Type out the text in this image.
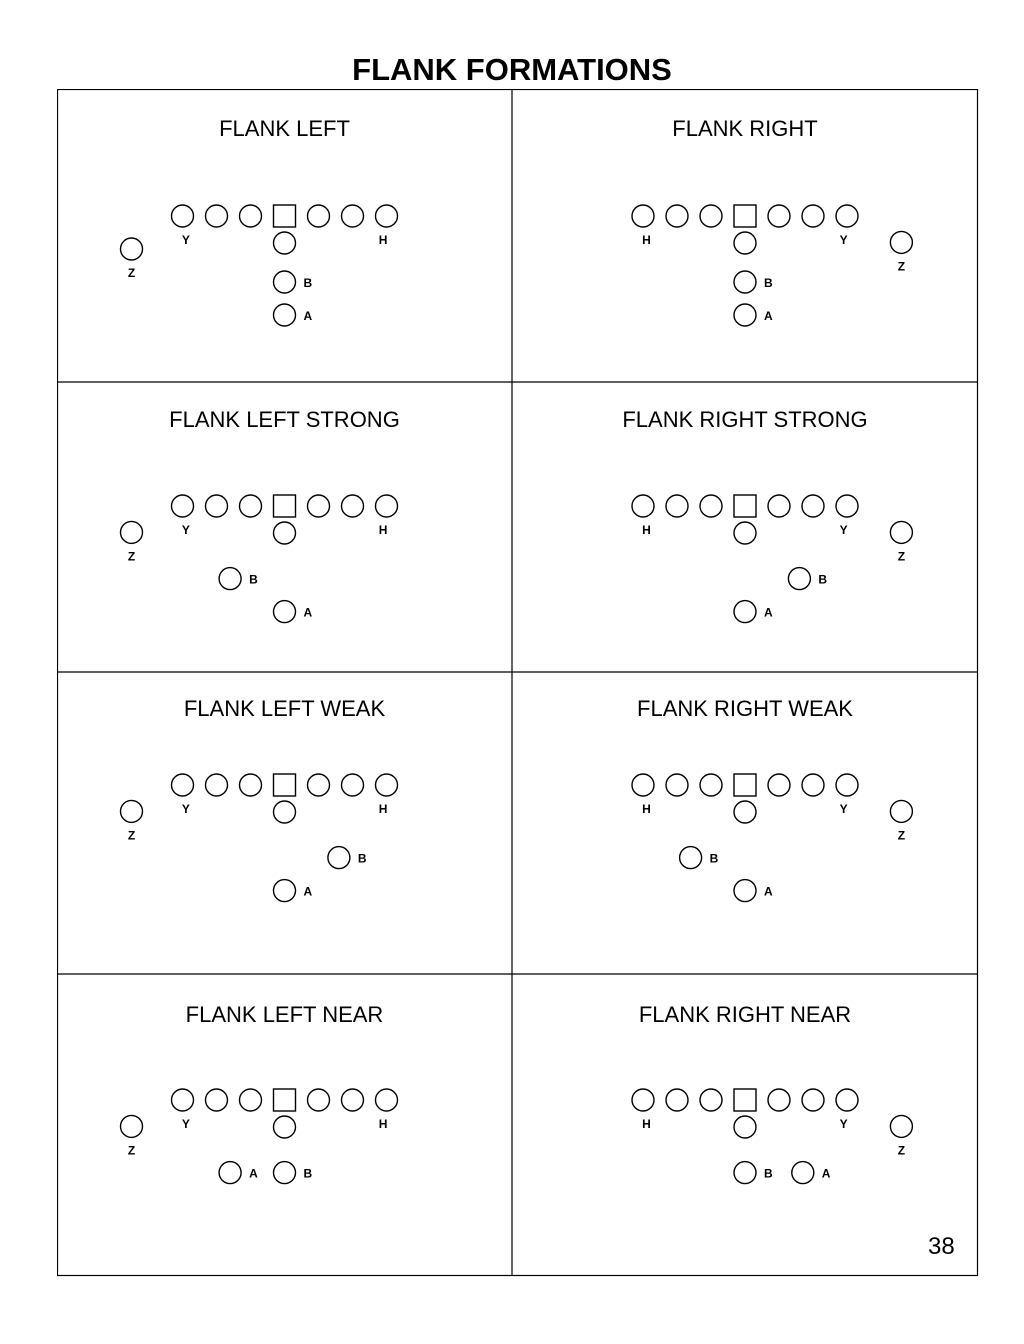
FLANK FORMATIONS
FLANK LEFT
Z
Y	H
B
A
FLANK RIGHT
H	Y
Z
B
A
FLANK LEFT STRONG
Z
Y	H
B
A
FLANK RIGHT STRONG
H	Y
Z
B
A
FLANK LEFT WEAK
Z
Y	H
B
A
FLANK RIGHT WEAK
H	Y
Z
B
A
FLANK LEFT NEAR
Z
Y	H
A	B
FLANK RIGHT NEAR
H	Y
Z
B	A
38
